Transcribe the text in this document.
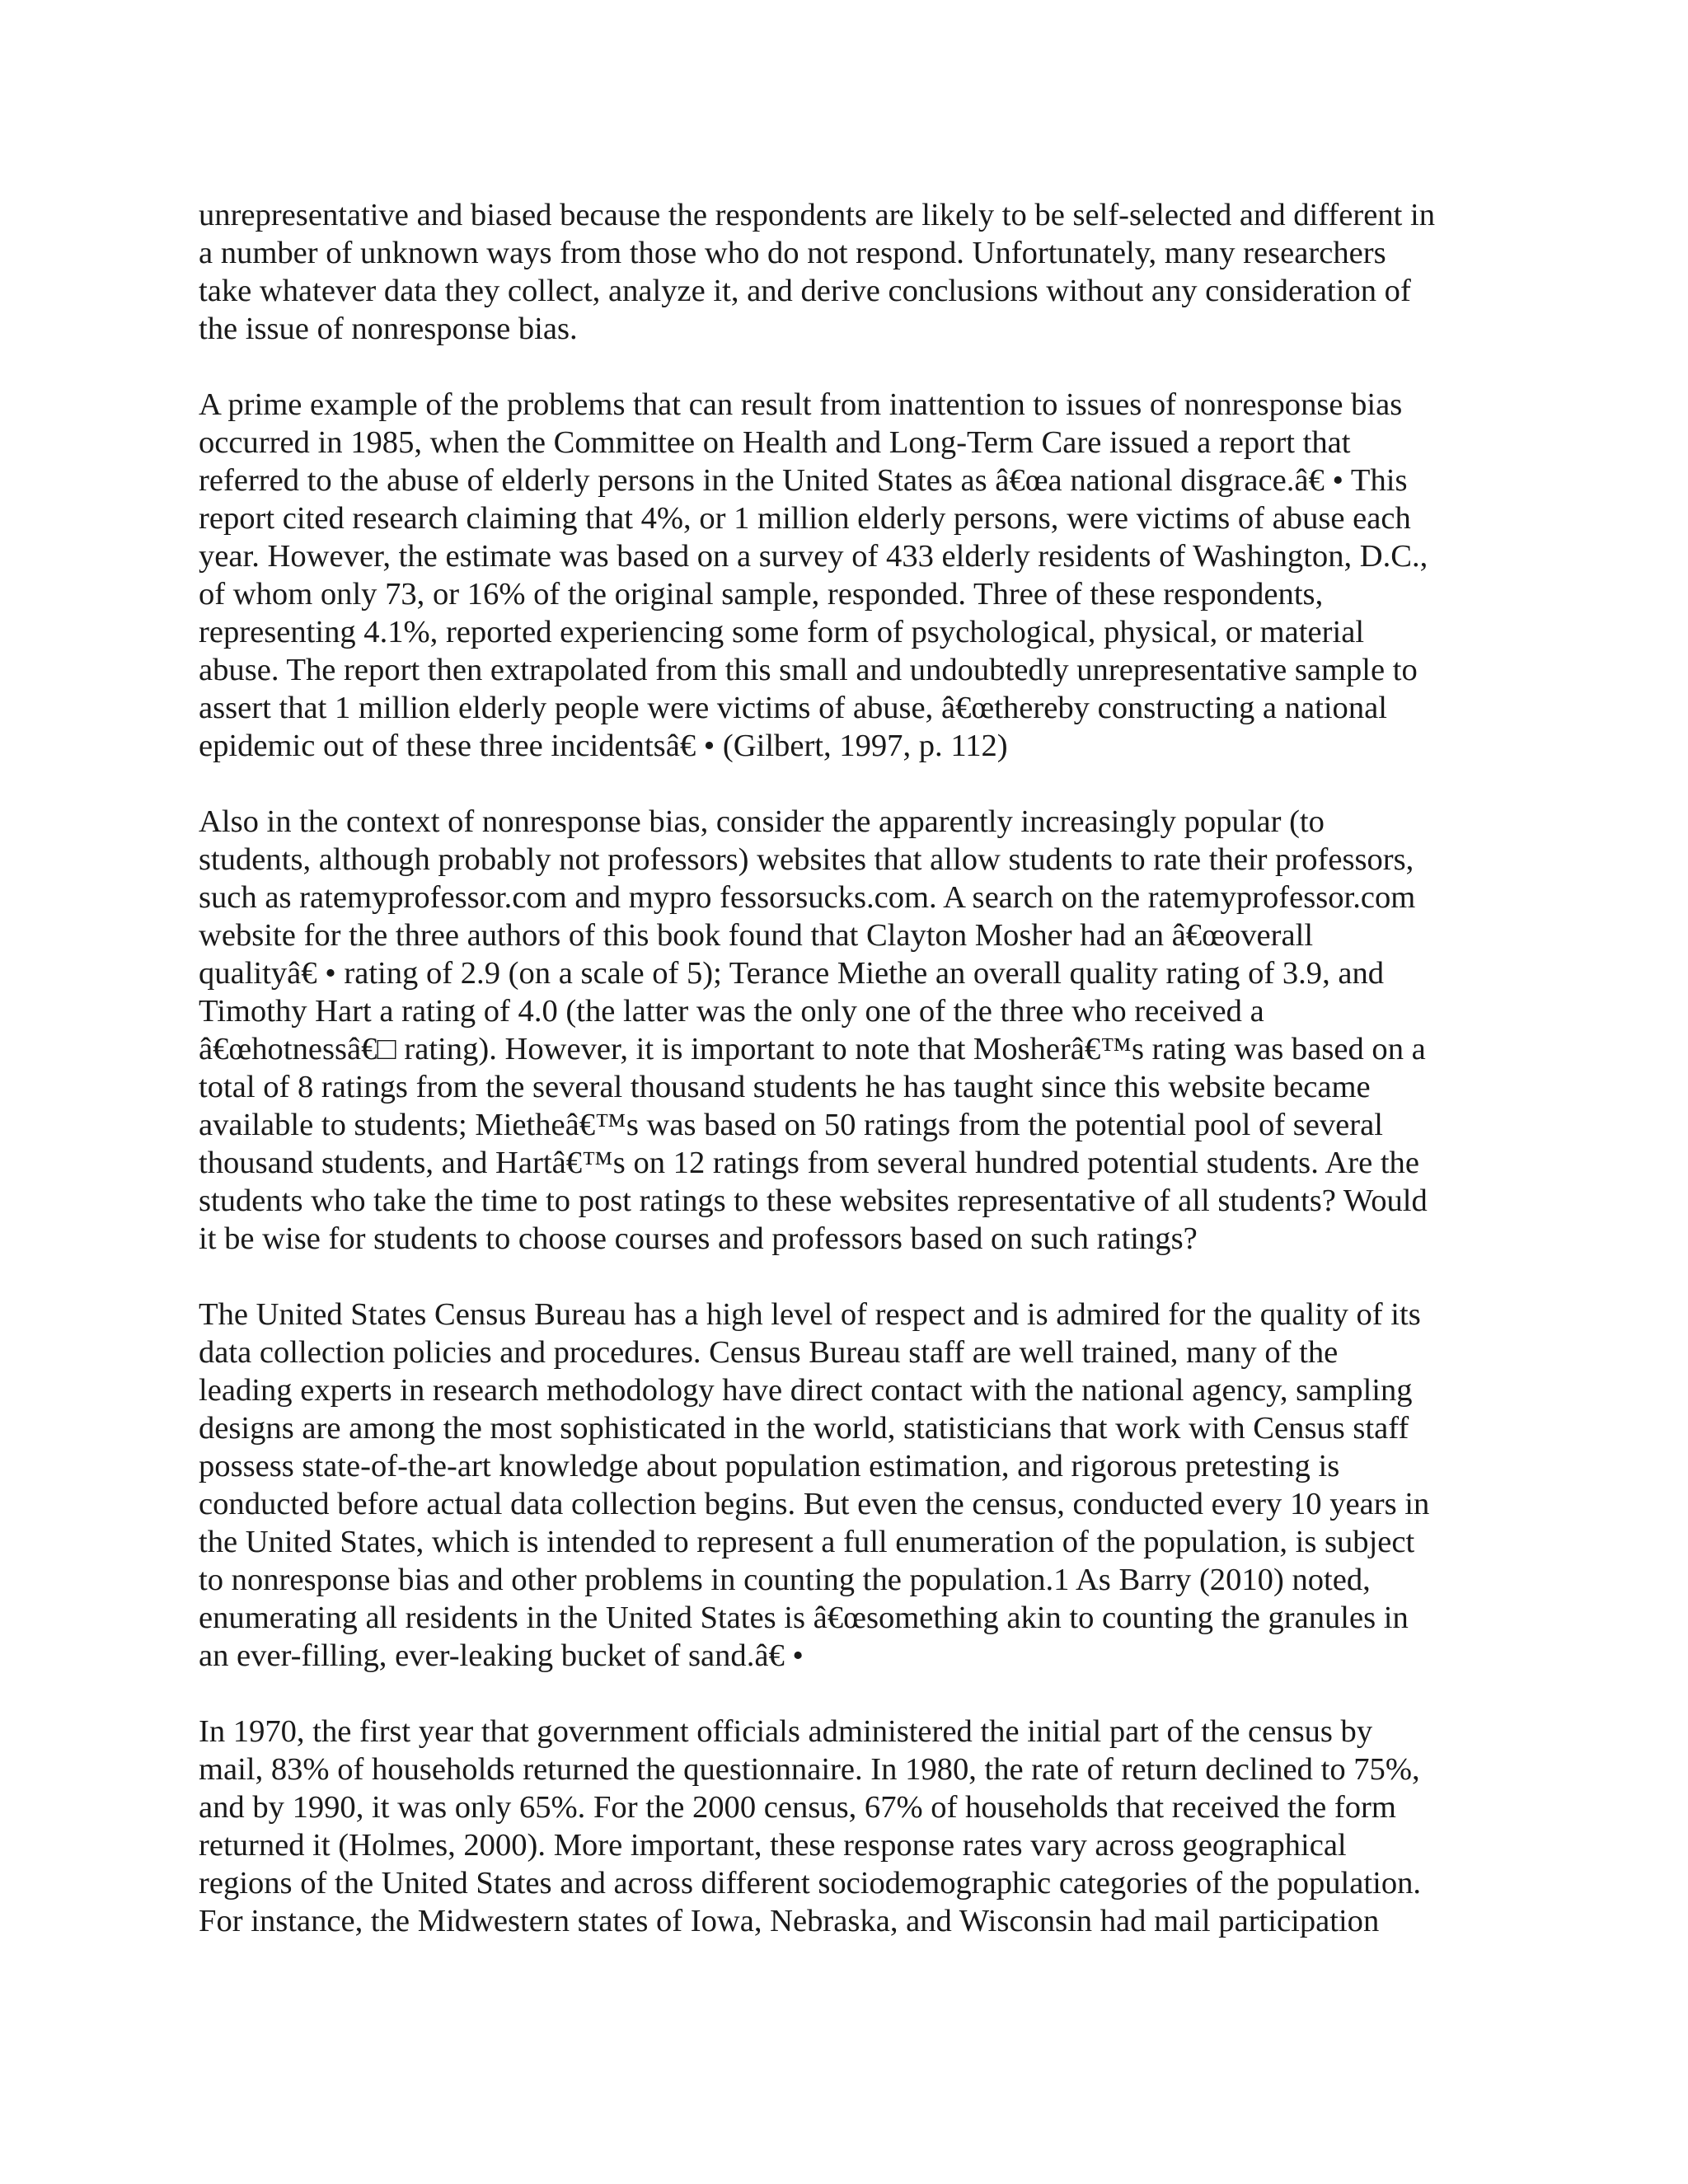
unrepresentative and biased because the respondents are likely to be self-selected and different in
a number of unknown ways from those who do not respond. Unfortunately, many researchers
take whatever data they collect, analyze it, and derive conclusions without any consideration of
the issue of nonresponse bias.

A prime example of the problems that can result from inattention to issues of nonresponse bias
occurred in 1985, when the Committee on Health and Long-Term Care issued a report that
referred to the abuse of elderly persons in the United States as â€œa national disgrace.â€ • This
report cited research claiming that 4%, or 1 million elderly persons, were victims of abuse each
year. However, the estimate was based on a survey of 433 elderly residents of Washington, D.C.,
of whom only 73, or 16% of the original sample, responded. Three of these respondents,
representing 4.1%, reported experiencing some form of psychological, physical, or material
abuse. The report then extrapolated from this small and undoubtedly unrepresentative sample to
assert that 1 million elderly people were victims of abuse, â€œthereby constructing a national
epidemic out of these three incidentsâ€ • (Gilbert, 1997, p. 112)

Also in the context of nonresponse bias, consider the apparently increasingly popular (to
students, although probably not professors) websites that allow students to rate their professors,
such as ratemyprofessor.com and mypro fessorsucks.com. A search on the ratemyprofessor.com
website for the three authors of this book found that Clayton Mosher had an â€œoverall
qualityâ€ • rating of 2.9 (on a scale of 5); Terance Miethe an overall quality rating of 3.9, and
Timothy Hart a rating of 4.0 (the latter was the only one of the three who received a
â€œhotnessâ€□ rating). However, it is important to note that Mosherâ€™s rating was based on a
total of 8 ratings from the several thousand students he has taught since this website became
available to students; Mietheâ€™s was based on 50 ratings from the potential pool of several
thousand students, and Hartâ€™s on 12 ratings from several hundred potential students. Are the
students who take the time to post ratings to these websites representative of all students? Would
it be wise for students to choose courses and professors based on such ratings?

The United States Census Bureau has a high level of respect and is admired for the quality of its
data collection policies and procedures. Census Bureau staff are well trained, many of the
leading experts in research methodology have direct contact with the national agency, sampling
designs are among the most sophisticated in the world, statisticians that work with Census staff
possess state-of-the-art knowledge about population estimation, and rigorous pretesting is
conducted before actual data collection begins. But even the census, conducted every 10 years in
the United States, which is intended to represent a full enumeration of the population, is subject
to nonresponse bias and other problems in counting the population.1 As Barry (2010) noted,
enumerating all residents in the United States is â€œsomething akin to counting the granules in
an ever-filling, ever-leaking bucket of sand.â€ •

In 1970, the first year that government officials administered the initial part of the census by
mail, 83% of households returned the questionnaire. In 1980, the rate of return declined to 75%,
and by 1990, it was only 65%. For the 2000 census, 67% of households that received the form
returned it (Holmes, 2000). More important, these response rates vary across geographical
regions of the United States and across different sociodemographic categories of the population.
For instance, the Midwestern states of Iowa, Nebraska, and Wisconsin had mail participation
